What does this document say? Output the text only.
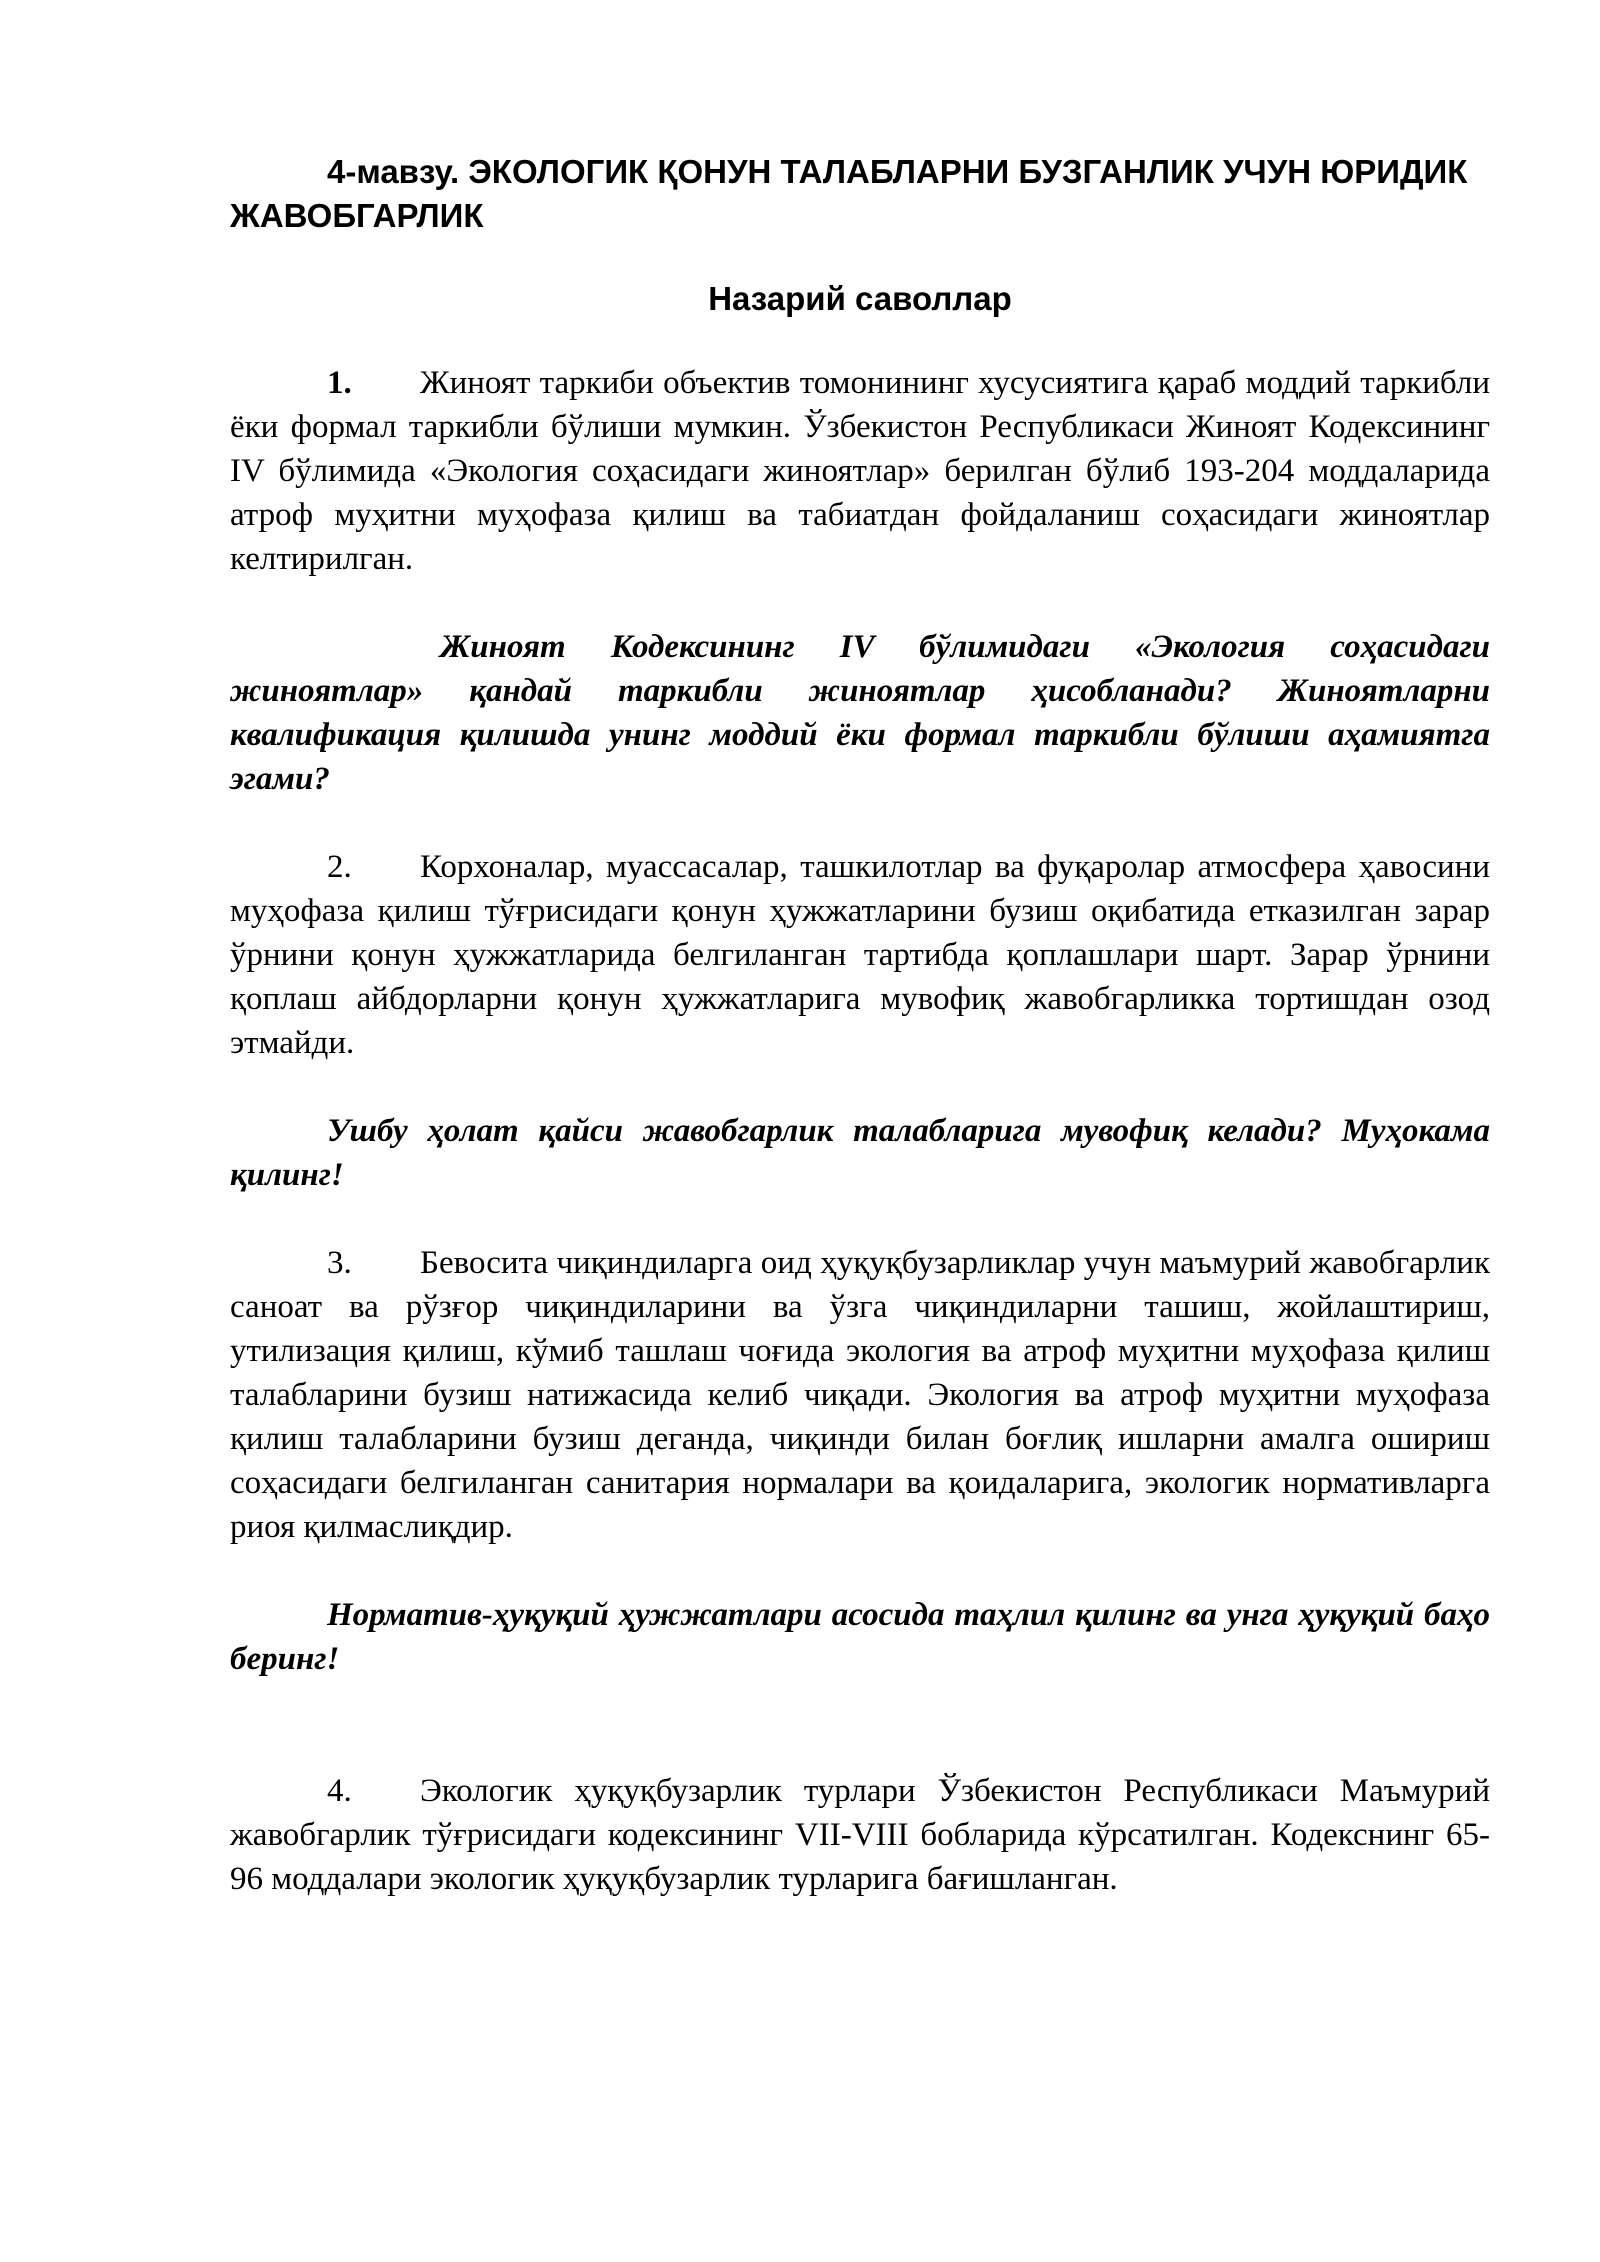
4-мавзу. ЭКОЛОГИК ҚОНУН ТАЛАБЛАРНИ БУЗГАНЛИК УЧУН ЮРИДИК ЖАВОБГАРЛИК

Назарий саволлар

1. Жиноят таркиби объектив томонининг хусусиятига қараб моддий таркибли ёки формал таркибли бўлиши мумкин. Ўзбекистон Республикаси Жиноят Кодексининг IV бўлимида «Экология соҳасидаги жиноятлар» берилган бўлиб 193-204 моддаларида атроф муҳитни муҳофаза қилиш ва табиатдан фойдаланиш соҳасидаги жиноятлар келтирилган.

Жиноят Кодексининг IV бўлимидаги «Экология соҳасидаги жиноятлар» қандай таркибли жиноятлар ҳисобланади? Жиноятларни квалификация қилишда унинг моддий ёки формал таркибли бўлиши аҳамиятга эгами?

2. Корхоналар, муассасалар, ташкилотлар ва фуқаролар атмосфера ҳавосини муҳофаза қилиш тўғрисидаги қонун ҳужжатларини бузиш оқибатида етказилган зарар ўрнини қонун ҳужжатларида белгиланган тартибда қоплашлари шарт. Зарар ўрнини қоплаш айбдорларни қонун ҳужжатларига мувофиқ жавобгарликка тортишдан озод этмайди.

Ушбу ҳолат қайси жавобгарлик талабларига мувофиқ келади? Муҳокама қилинг!

3. Бевосита чиқиндиларга оид ҳуқуқбузарликлар учун маъмурий жавобгарлик саноат ва рўзғор чиқиндиларини ва ўзга чиқиндиларни ташиш, жойлаштириш, утилизация қилиш, кўмиб ташлаш чоғида экология ва атроф муҳитни муҳофаза қилиш талабларини бузиш натижасида келиб чиқади. Экология ва атроф муҳитни муҳофаза қилиш талабларини бузиш деганда, чиқинди билан боғлиқ ишларни амалга ошириш соҳасидаги белгиланган санитария нормалари ва қоидаларига, экологик нормативларга риоя қилмаслиқдир.

Норматив-ҳуқуқий ҳужжатлари асосида таҳлил қилинг ва унга ҳуқуқий баҳо беринг!

4. Экологик ҳуқуқбузарлик турлари Ўзбекистон Республикаси Маъмурий жавобгарлик тўғрисидаги кодексининг VII-VIII бобларида кўрсатилган. Кодекснинг 65-96 моддалари экологик ҳуқуқбузарлик турларига бағишланган.
